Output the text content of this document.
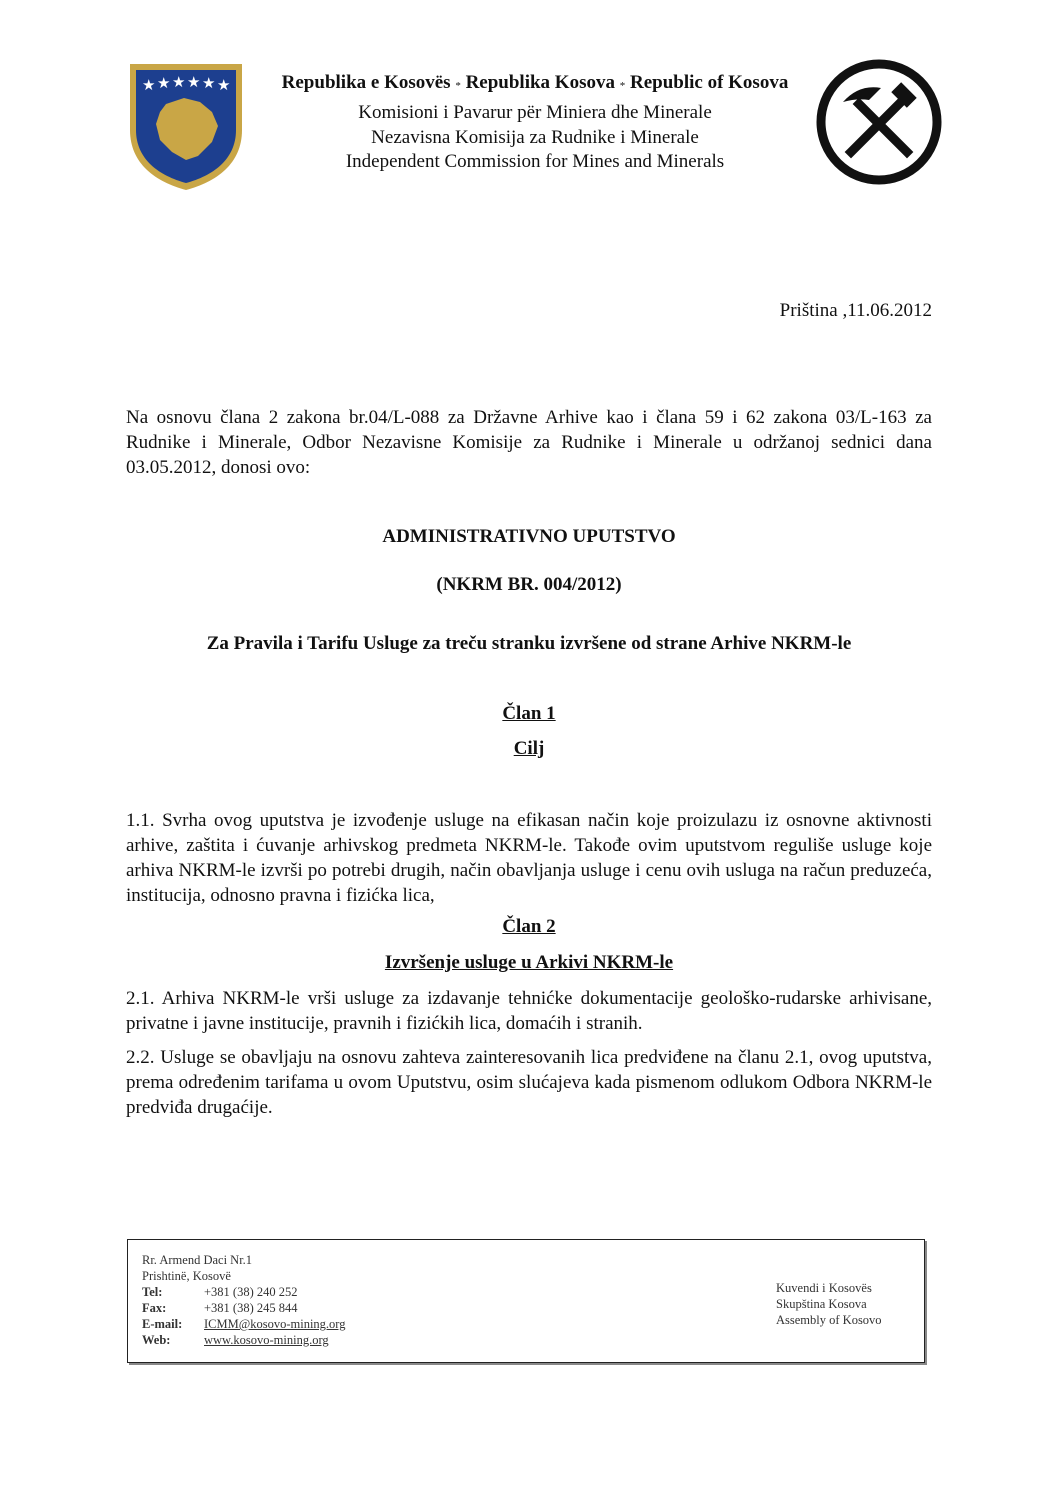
★ ★ ★ ★ ★ ★	Republika e Kosovës * Republika Kosova * Republic of Kosova
Komisioni i Pavarur për Miniera dhe Minerale
Nezavisna Komisija za Rudnike i Minerale
Independent Commission for Mines and Minerals
Priština ,11.06.2012
Na osnovu člana 2 zakona br.04/L-088 za Državne Arhive kao i člana 59 i 62 zakona 03/L-163 za Rudnike i Minerale, Odbor Nezavisne Komisije za Rudnike i Minerale u održanoj sednici dana 03.05.2012, donosi ovo:
ADMINISTRATIVNO UPUTSTVO
(NKRM BR. 004/2012)
Za Pravila i Tarifu Usluge za treču stranku izvršene od strane Arhive NKRM-le
Član 1
Cilj
1.1. Svrha ovog uputstva je izvođenje usluge na efikasan način koje proizulazu iz osnovne aktivnosti arhive, zaštita i ćuvanje arhivskog predmeta NKRM-le. Takođe ovim uputstvom reguliše usluge koje arhiva NKRM-le izvrši po potrebi drugih, način obavljanja usluge i cenu ovih usluga na račun preduzeća, institucija, odnosno pravna i fizićka lica,
Član 2
Izvršenje usluge u Arkivi NKRM-le
2.1. Arhiva NKRM-le vrši usluge za izdavanje tehnićke dokumentacije geološko-rudarske arhivisane, privatne i javne institucije, pravnih i fizićkih lica, domaćih i stranih.
2.2. Usluge se obavljaju na osnovu zahteva zainteresovanih lica predviđene na članu 2.1, ovog uputstva, prema određenim tarifama u ovom Uputstvu, osim slućajeva kada pismenom odlukom Odbora NKRM-le predviđa drugaćije.
Rr. Armend Daci Nr.1
Prishtinë, Kosovë
Tel:	+381 (38) 240 252
Fax:	+381 (38) 245 844
E-mail:	ICMM@kosovo-mining.org
Web:	www.kosovo-mining.org
Kuvendi i Kosovës
Skupština Kosova
Assembly of Kosovo
